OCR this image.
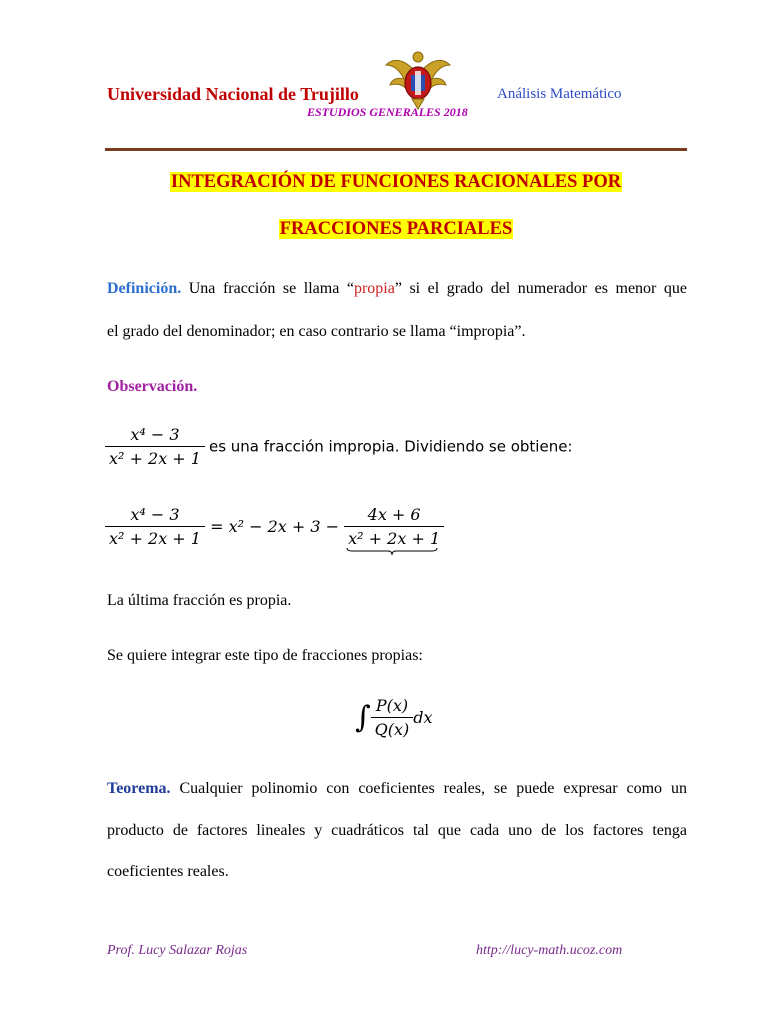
Universidad Nacional de Trujillo	Análisis Matemático
ESTUDIOS GENERALES 2018
INTEGRACIÓN DE FUNCIONES RACIONALES POR
FRACCIONES PARCIALES
Definición. Una fracción se llama “propia” si el grado del numerador es menor que
el grado del denominador; en caso contrario se llama “impropia”.
Observación.
$\frac{\text{x⁴ − 3}}{\text{x² + 2x + 1}}$ es una fracción impropia. Dividiendo se obtiene:
$\frac{\text{x⁴ − 3}}{\text{x² + 2x + 1}} = x^2 - 2x + 3 - \frac{4x + 6}{\text{x² + 2x + 1}}$
La última fracción es propia.
Se quiere integrar este tipo de fracciones propias:
∫ $\frac{P(x)}{Q(x)}$ dx
Teorema. Cualquier polinomio con coeficientes reales, se puede expresar como un
producto de factores lineales y cuadráticos tal que cada uno de los factores tenga
coeficientes reales.
Prof. Lucy Salazar Rojas	http://lucy-math.ucoz.com
